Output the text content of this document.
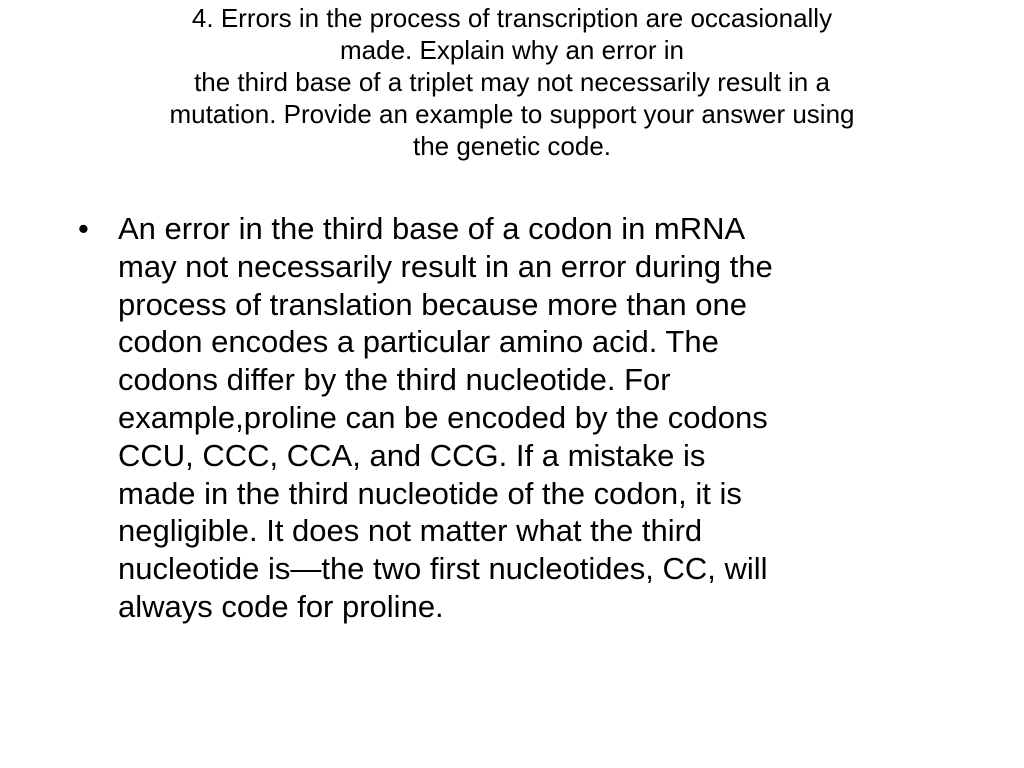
4. Errors in the process of transcription are occasionally
made. Explain why an error in
the third base of a triplet may not necessarily result in a
mutation. Provide an example to support your answer using
the genetic code.
• An error in the third base of a codon in mRNA
may not necessarily result in an error during the
process of translation because more than one
codon encodes a particular amino acid. The
codons differ by the third nucleotide. For
example,proline can be encoded by the codons
CCU, CCC, CCA, and CCG. If a mistake is
made in the third nucleotide of the codon, it is
negligible. It does not matter what the third
nucleotide is—the two first nucleotides, CC, will
always code for proline.
